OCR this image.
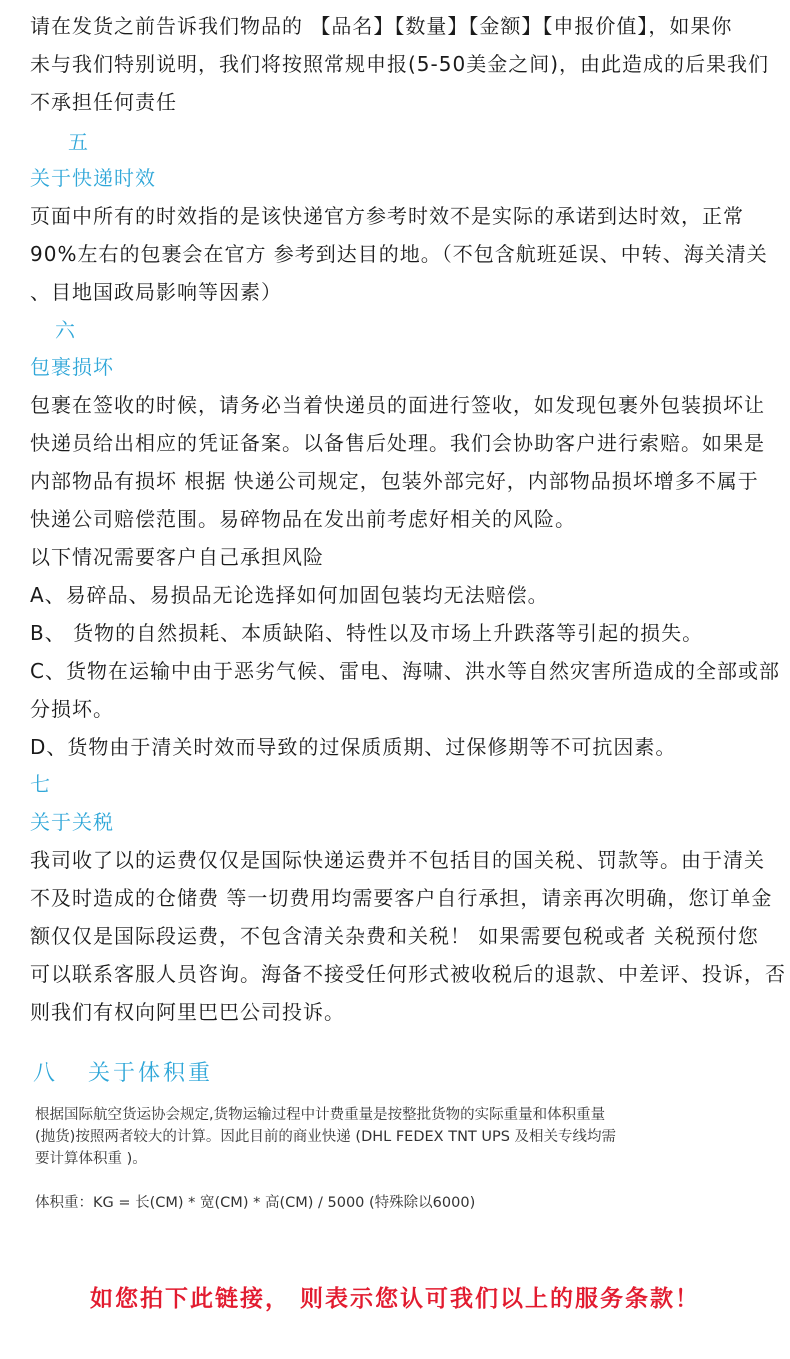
请在发货之前告诉我们物品的 【品名】【数量】【金额】【申报价值】，如果你
未与我们特别说明，我们将按照常规申报(5-50美金之间)，由此造成的后果我们
不承担任何责任
五
关于快递时效
页面中所有的时效指的是该快递官方参考时效不是实际的承诺到达时效，正常
90%左右的包裹会在官方 参考到达目的地。（不包含航班延误、中转、海关清关
、目地国政局影响等因素）
六
包裹损坏
包裹在签收的时候，请务必当着快递员的面进行签收，如发现包裹外包装损坏让
快递员给出相应的凭证备案。以备售后处理。我们会协助客户进行索赔。如果是
内部物品有损坏 根据 快递公司规定，包装外部完好，内部物品损坏增多不属于
快递公司赔偿范围。易碎物品在发出前考虑好相关的风险。
以下情况需要客户自己承担风险
A、易碎品、易损品无论选择如何加固包装均无法赔偿。
B、 货物的自然损耗、本质缺陷、特性以及市场上升跌落等引起的损失。
C、货物在运输中由于恶劣气候、雷电、海啸、洪水等自然灾害所造成的全部或部
分损坏。
D、货物由于清关时效而导致的过保质质期、过保修期等不可抗因素。
七
关于关税
我司收了以的运费仅仅是国际快递运费并不包括目的国关税、罚款等。由于清关
不及时造成的仓储费 等一切费用均需要客户自行承担，请亲再次明确，您订单金
额仅仅是国际段运费，不包含清关杂费和关税！ 如果需要包税或者 关税预付您
可以联系客服人员咨询。海备不接受任何形式被收税后的退款、中差评、投诉，否
则我们有权向阿里巴巴公司投诉。
八 关于体积重
根据国际航空货运协会规定,货物运输过程中计费重量是按整批货物的实际重量和体积重量
(抛货)按照两者较大的计算。因此目前的商业快递 (DHL FEDEX TNT UPS 及相关专线均需
要计算体积重 )。
体积重：KG = 长(CM) * 宽(CM) * 高(CM) / 5000 (特殊除以6000)
如您拍下此链接， 则表示您认可我们以上的服务条款！
